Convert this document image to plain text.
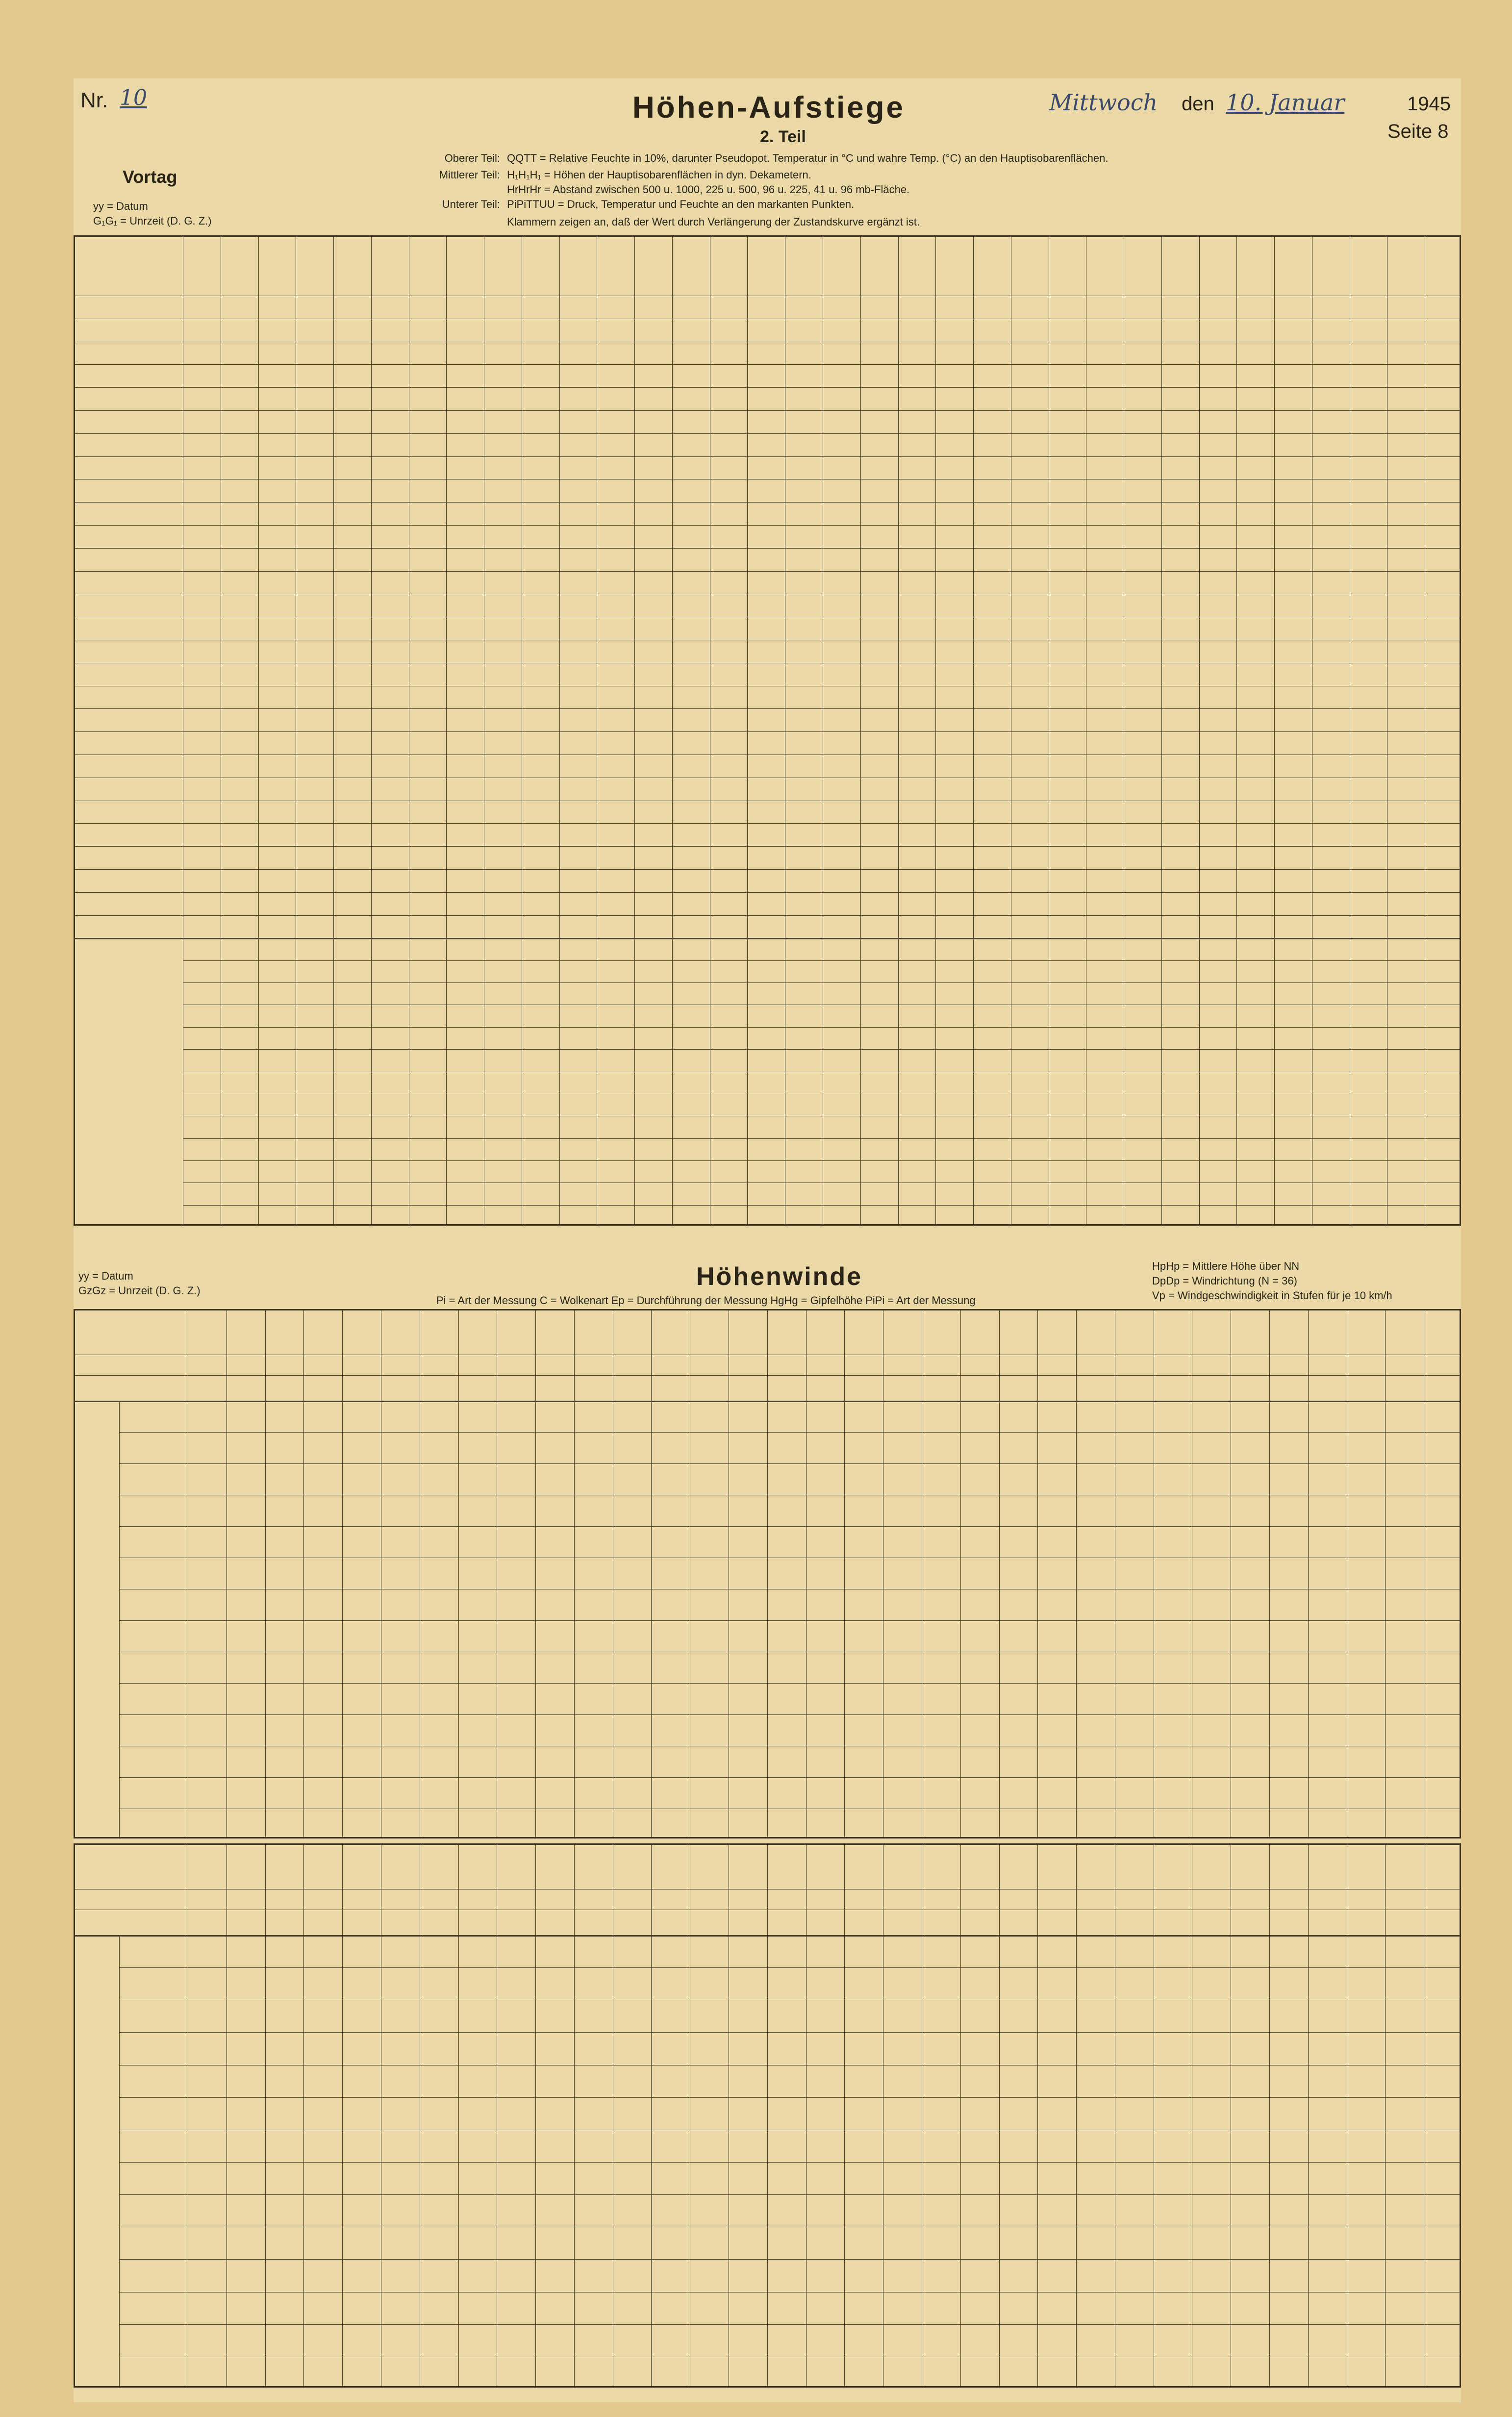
Nr. 10	Höhen-Aufstiege
2. Teil
Mittwoch den 10. Januar	1945
Seite 8
Vortag
yy = Datum
G₁G₁ = Unrzeit (D. G. Z.)
Oberer Teil: QQTT = Relative Feuchte in 10%, darunter Pseudopot. Temperatur in °C und wahre Temp. (°C) an den Hauptisobarenflächen.
Mittlerer Teil: H₁H₁H₁ = Höhen der Hauptisobarenflächen in dyn. Dekametern.
HrHrHr = Abstand zwischen 500 u. 1000, 225 u. 500, 96 u. 225, 41 u. 96 mb-Fläche.
Unterer Teil: PiPiTTUU = Druck, Temperatur und Feuchte an den markanten Punkten.
Klammern zeigen an, daß der Wert durch Verlängerung der Zustandskurve ergänzt ist.
yy = Datum
GzGz = Unrzeit (D. G. Z.)	Höhenwinde
Pi = Art der Messung C = Wolkenart Ep = Durchführung der Messung HgHg = Gipfelhöhe PiPi = Art der Messung
HpHp = Mittlere Höhe über NN
DpDp = Windrichtung (N = 36)
Vp = Windgeschwindigkeit in Stufen für je 10 km/h
